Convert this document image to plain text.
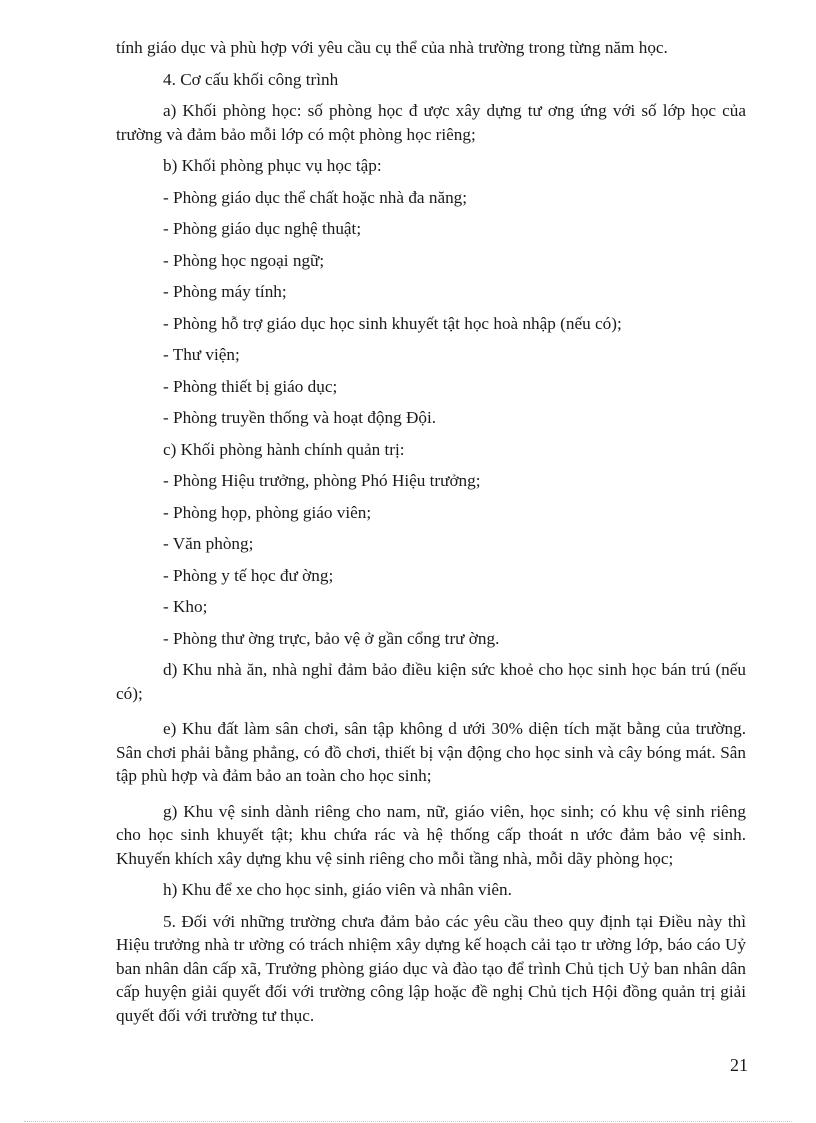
tính giáo dục và phù hợp với yêu cầu cụ thể của nhà trường trong từng năm học.

4. Cơ cấu khối công trình

a) Khối phòng học: số phòng học đ ược xây dựng tư ơng ứng với số lớp học của trường và đảm bảo mỗi lớp có một phòng học riêng;

b) Khối phòng phục vụ học tập:

- Phòng giáo dục thể chất hoặc nhà đa năng;

- Phòng giáo dục nghệ thuật;

- Phòng học ngoại ngữ;

- Phòng máy tính;

- Phòng hỗ trợ giáo dục học sinh khuyết tật học hoà nhập (nếu có);

- Thư viện;

- Phòng thiết bị giáo dục;

- Phòng truyền thống và hoạt động Đội.

c) Khối phòng hành chính quản trị:

- Phòng Hiệu trưởng, phòng Phó Hiệu trưởng;

- Phòng họp, phòng giáo viên;

- Văn phòng;

- Phòng y tế học đư ờng;

- Kho;

- Phòng thư ờng trực, bảo vệ ở gần cổng trư ờng.

d) Khu nhà ăn, nhà nghỉ đảm bảo điều kiện sức khoẻ cho học sinh học bán trú (nếu có);

e) Khu đất làm sân chơi, sân tập không d ưới 30% diện tích mặt bằng của trường. Sân chơi phải bằng phẳng, có đồ chơi, thiết bị vận động cho học sinh và cây bóng mát. Sân tập phù hợp và đảm bảo an toàn cho học sinh;

g) Khu vệ sinh dành riêng cho nam, nữ, giáo viên, học sinh; có khu vệ sinh riêng cho học sinh khuyết tật; khu chứa rác và hệ thống cấp thoát n ước đảm bảo vệ sinh. Khuyến khích xây dựng khu vệ sinh riêng cho mỗi tầng nhà, mỗi dãy phòng học;

h) Khu để xe cho học sinh, giáo viên và nhân viên.

5. Đối với những trường chưa đảm bảo các yêu cầu theo quy định tại Điều này thì Hiệu trưởng nhà tr ường có trách nhiệm xây dựng kế hoạch cải tạo tr ường lớp, báo cáo Uỷ ban nhân dân cấp xã, Trưởng phòng giáo dục và đào tạo để trình Chủ tịch Uỷ ban nhân dân cấp huyện giải quyết đối với trường công lập hoặc đề nghị Chủ tịch Hội đồng quản trị giải quyết đối với trường tư thục.

21
